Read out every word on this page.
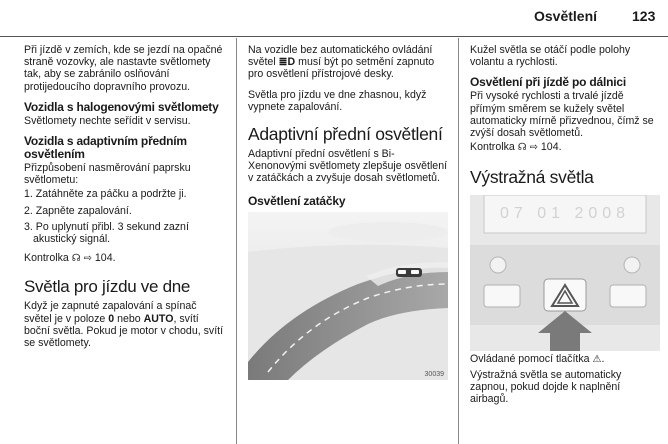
Osvětlení 123

Při jízdě v zemích, kde se jezdí na opačné straně vozovky, ale nastavte světlomety tak, aby se zabránilo oslňování protijedoucího dopravního provozu.

Vozidla s halogenovými světlomety

Světlomety nechte seřídit v servisu.

Vozidla s adaptivním předním osvětlením

Přizpůsobení nasměrování paprsku světlometu:

1. Zatáhněte za páčku a podržte ji.
2. Zapněte zapalování.
3. Po uplynutí přibl. 3 sekund zazní akustický signál.

Kontrolka ☊ ⇨ 104.

Světla pro jízdu ve dne

Když je zapnuté zapalování a spínač světel je v poloze 0 nebo AUTO, svítí boční světla. Pokud je motor v chodu, svítí se světlomety.

Na vozidle bez automatického ovládání světel ≣D musí být po setmění zapnuto pro osvětlení přístrojové desky.

Světla pro jízdu ve dne zhasnou, když vypnete zapalování.

Adaptivní přední osvětlení

Adaptivní přední osvětlení s Bi-Xenonovými světlomety zlepšuje osvětlení v zatáčkách a zvyšuje dosah světlometů.

Osvětlení zatáčky
30039

Kužel světla se otáčí podle polohy volantu a rychlosti.

Osvětlení při jízdě po dálnici

Při vysoké rychlosti a trvalé jízdě přímým směrem se kužely světel automaticky mírně přizvednou, čímž se zvýší dosah světlometů.

Kontrolka ☊ ⇨ 104.

Výstražná světla
07 01 2008

Ovládané pomocí tlačítka ⚠.

Výstražná světla se automaticky zapnou, pokud dojde k naplnění airbagů.
